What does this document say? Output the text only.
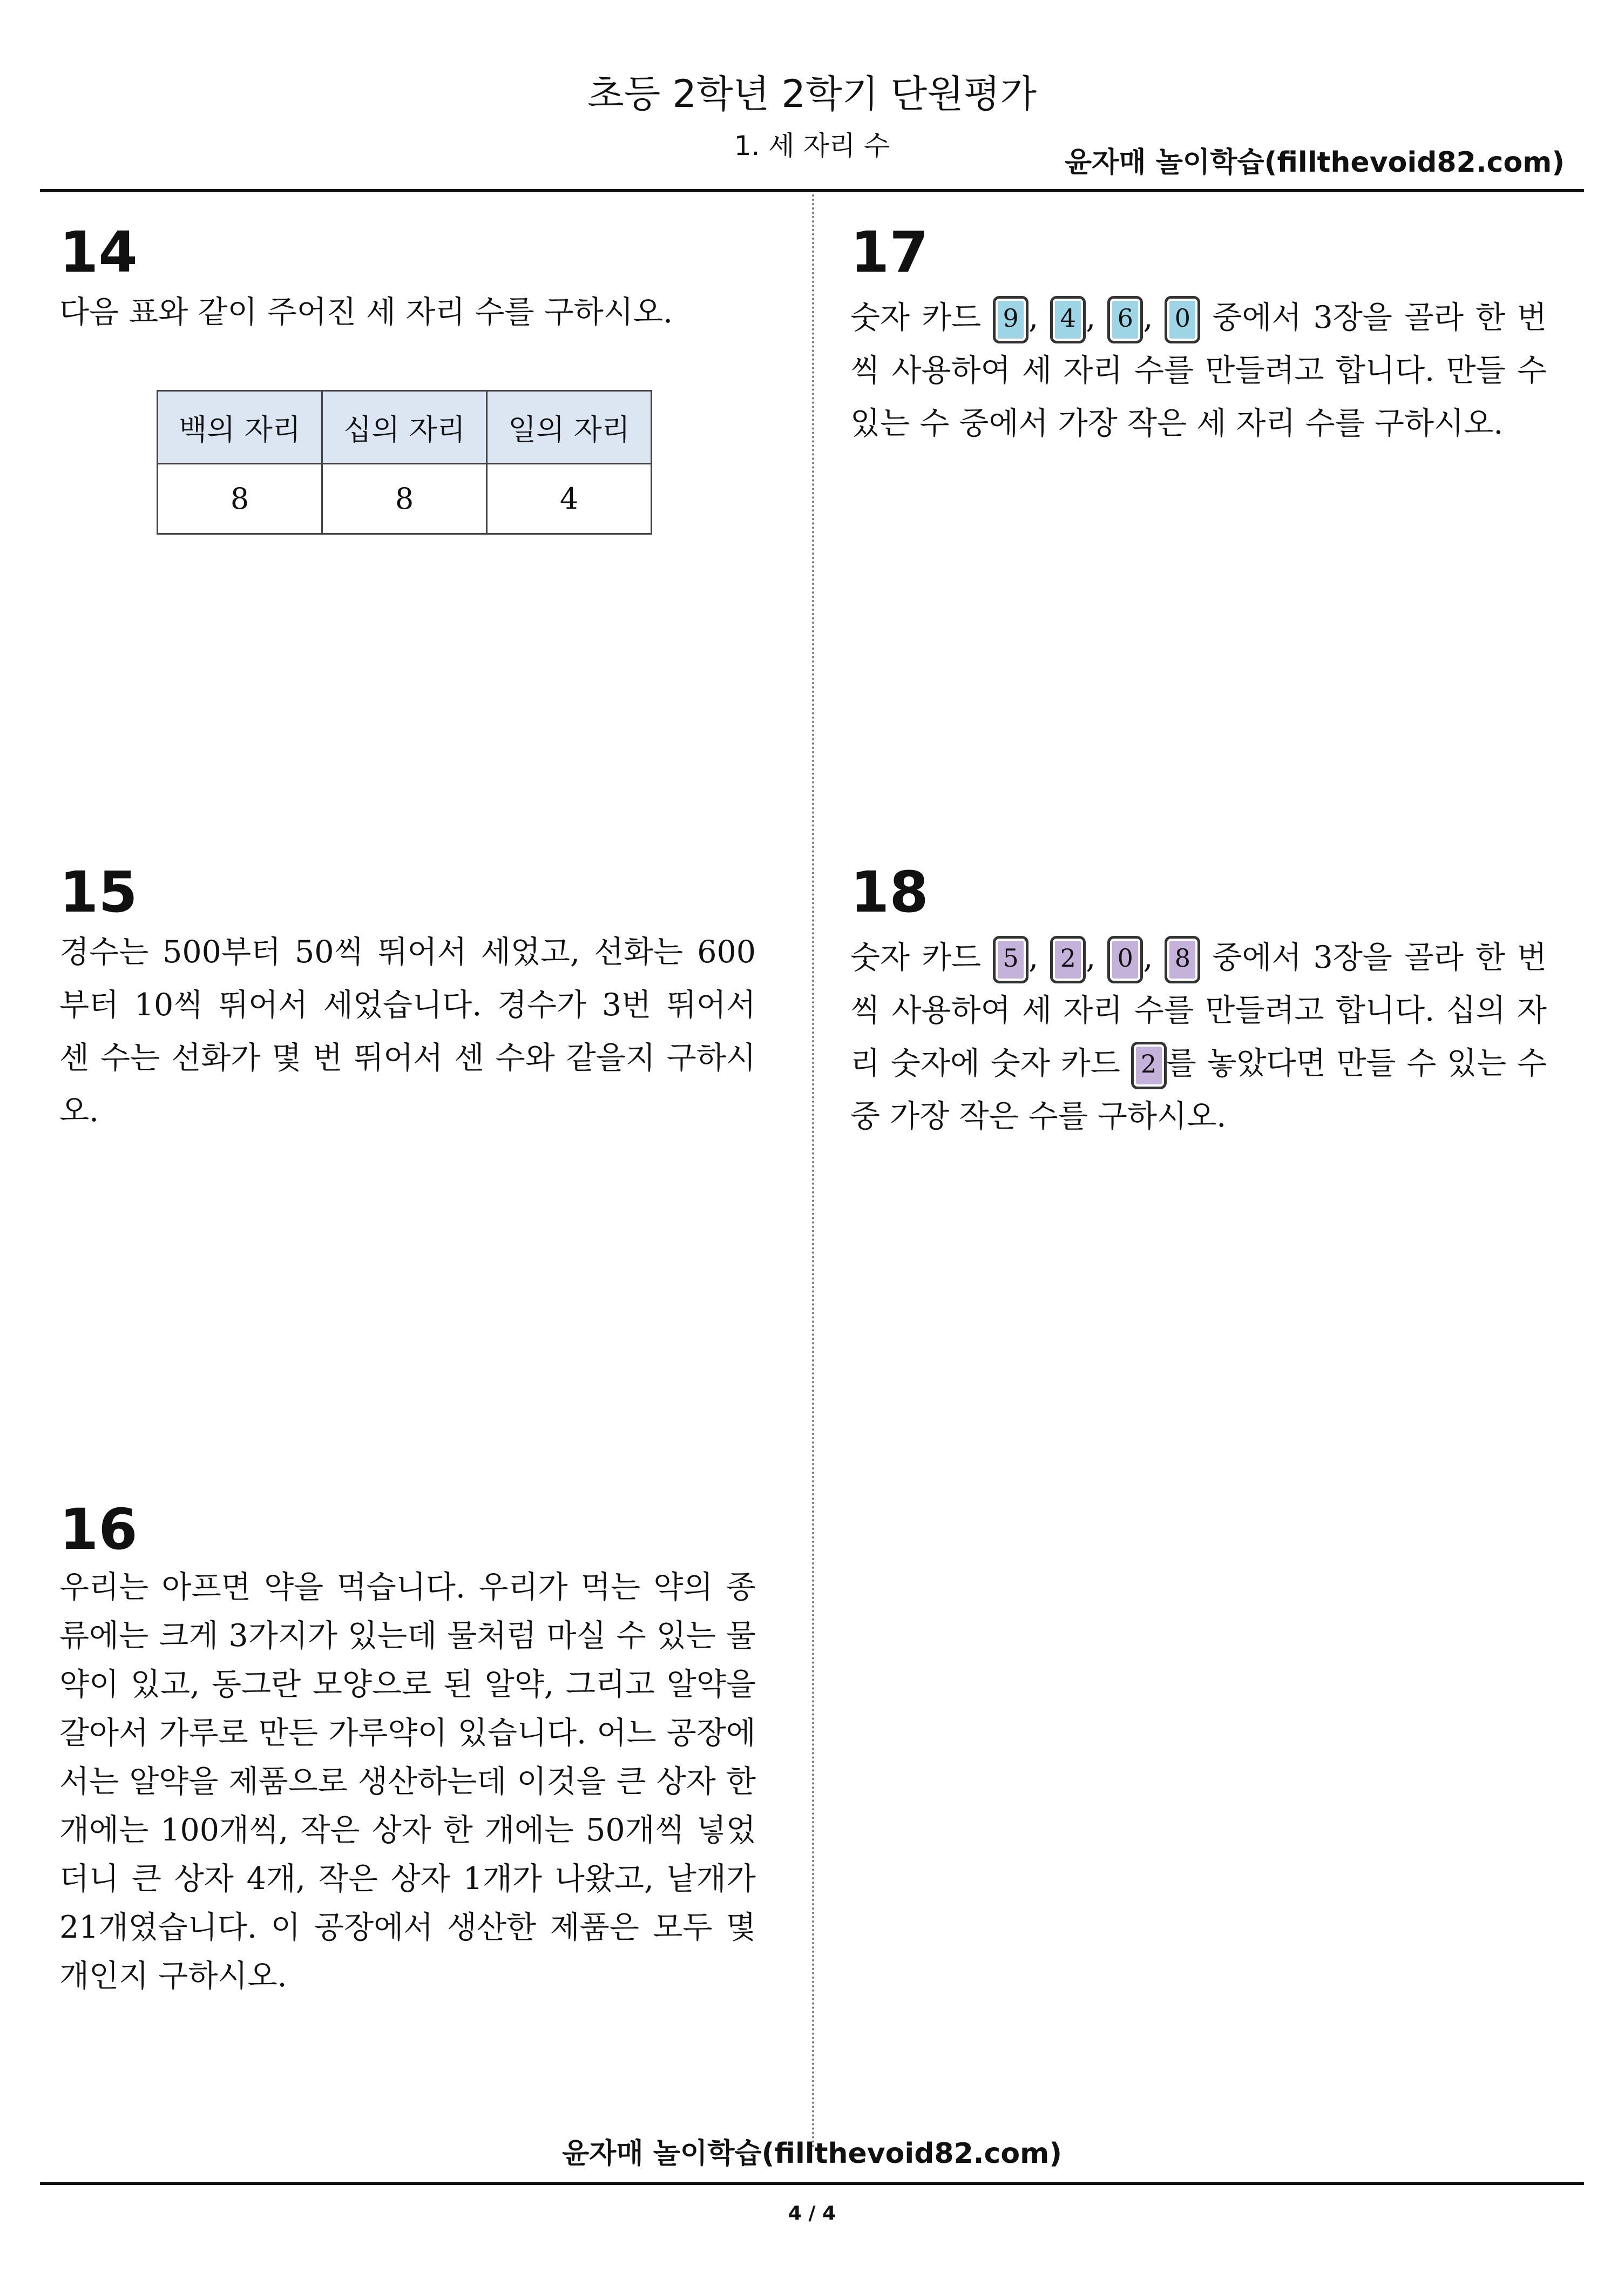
초등 2학년 2학기 단원평가
1. 세 자리 수
윤자매 놀이학습(fillthevoid82.com)
14
다음 표와 같이 주어진 세 자리 수를 구하시오.
백의 자리	십의 자리	일의 자리
8	8	4
15
경수는 500부터 50씩 뛰어서 세었고, 선화는 600부터 10씩 뛰어서 세었습니다. 경수가 3번 뛰어서 센 수는 선화가 몇 번 뛰어서 센 수와 같을지 구하시오.
16
우리는 아프면 약을 먹습니다. 우리가 먹는 약의 종류에는 크게 3가지가 있는데 물처럼 마실 수 있는 물약이 있고, 동그란 모양으로 된 알약, 그리고 알약을 갈아서 가루로 만든 가루약이 있습니다. 어느 공장에서는 알약을 제품으로 생산하는데 이것을 큰 상자 한 개에는 100개씩, 작은 상자 한 개에는 50개씩 넣었더니 큰 상자 4개, 작은 상자 1개가 나왔고, 낱개가 21개였습니다. 이 공장에서 생산한 제품은 모두 몇 개인지 구하시오.
17
숫자 카드 9 , 4 , 6 , 0 중에서 3장을 골라 한 번씩 사용하여 세 자리 수를 만들려고 합니다. 만들 수 있는 수 중에서 가장 작은 세 자리 수를 구하시오.
18
숫자 카드 5 , 2 , 0 , 8 중에서 3장을 골라 한 번씩 사용하여 세 자리 수를 만들려고 합니다. 십의 자리 숫자에 숫자 카드 2 를 놓았다면 만들 수 있는 수 중 가장 작은 수를 구하시오.
윤자매 놀이학습(fillthevoid82.com)
4 / 4
